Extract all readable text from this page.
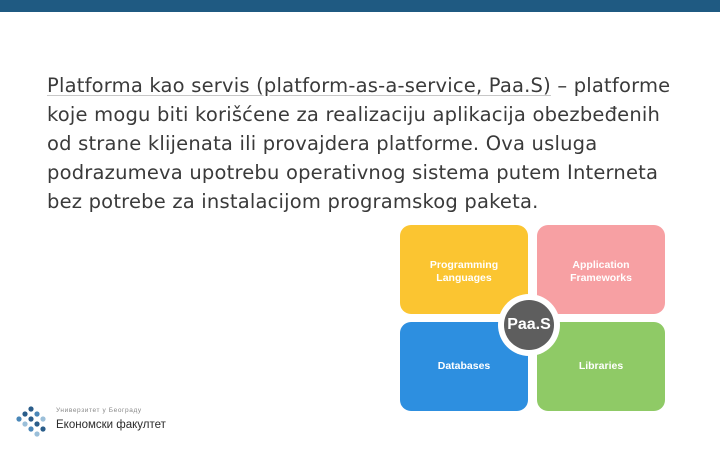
Platforma kao servis (platform-as-a-service, Paa.S) – platforme koje mogu biti korišćene za realizaciju aplikacija obezbeđenih od strane klijenata ili provajdera platforme. Ova usluga podrazumeva upotrebu operativnog sistema putem Interneta bez potrebe za instalacijom programskog paketa.

Programming
Languages
Application
Frameworks
Databases	Libraries
Paa.S
Универзитет у Београду
Економски факултет
